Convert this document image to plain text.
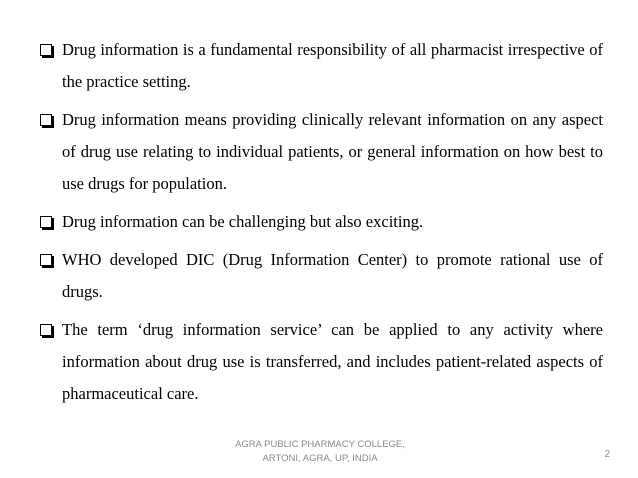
Drug information is a fundamental responsibility of all pharmacist irrespective of the practice setting.
Drug information means providing clinically relevant information on any aspect of drug use relating to individual patients, or general information on how best to use drugs for population.
Drug information can be challenging but also exciting.
WHO developed DIC (Drug Information Center) to promote rational use of drugs.
The term ‘drug information service’ can be applied to any activity where information about drug use is transferred, and includes patient-related aspects of pharmaceutical care.
AGRA PUBLIC PHARMACY COLLEGE,
ARTONI, AGRA, UP, INDIA	2
